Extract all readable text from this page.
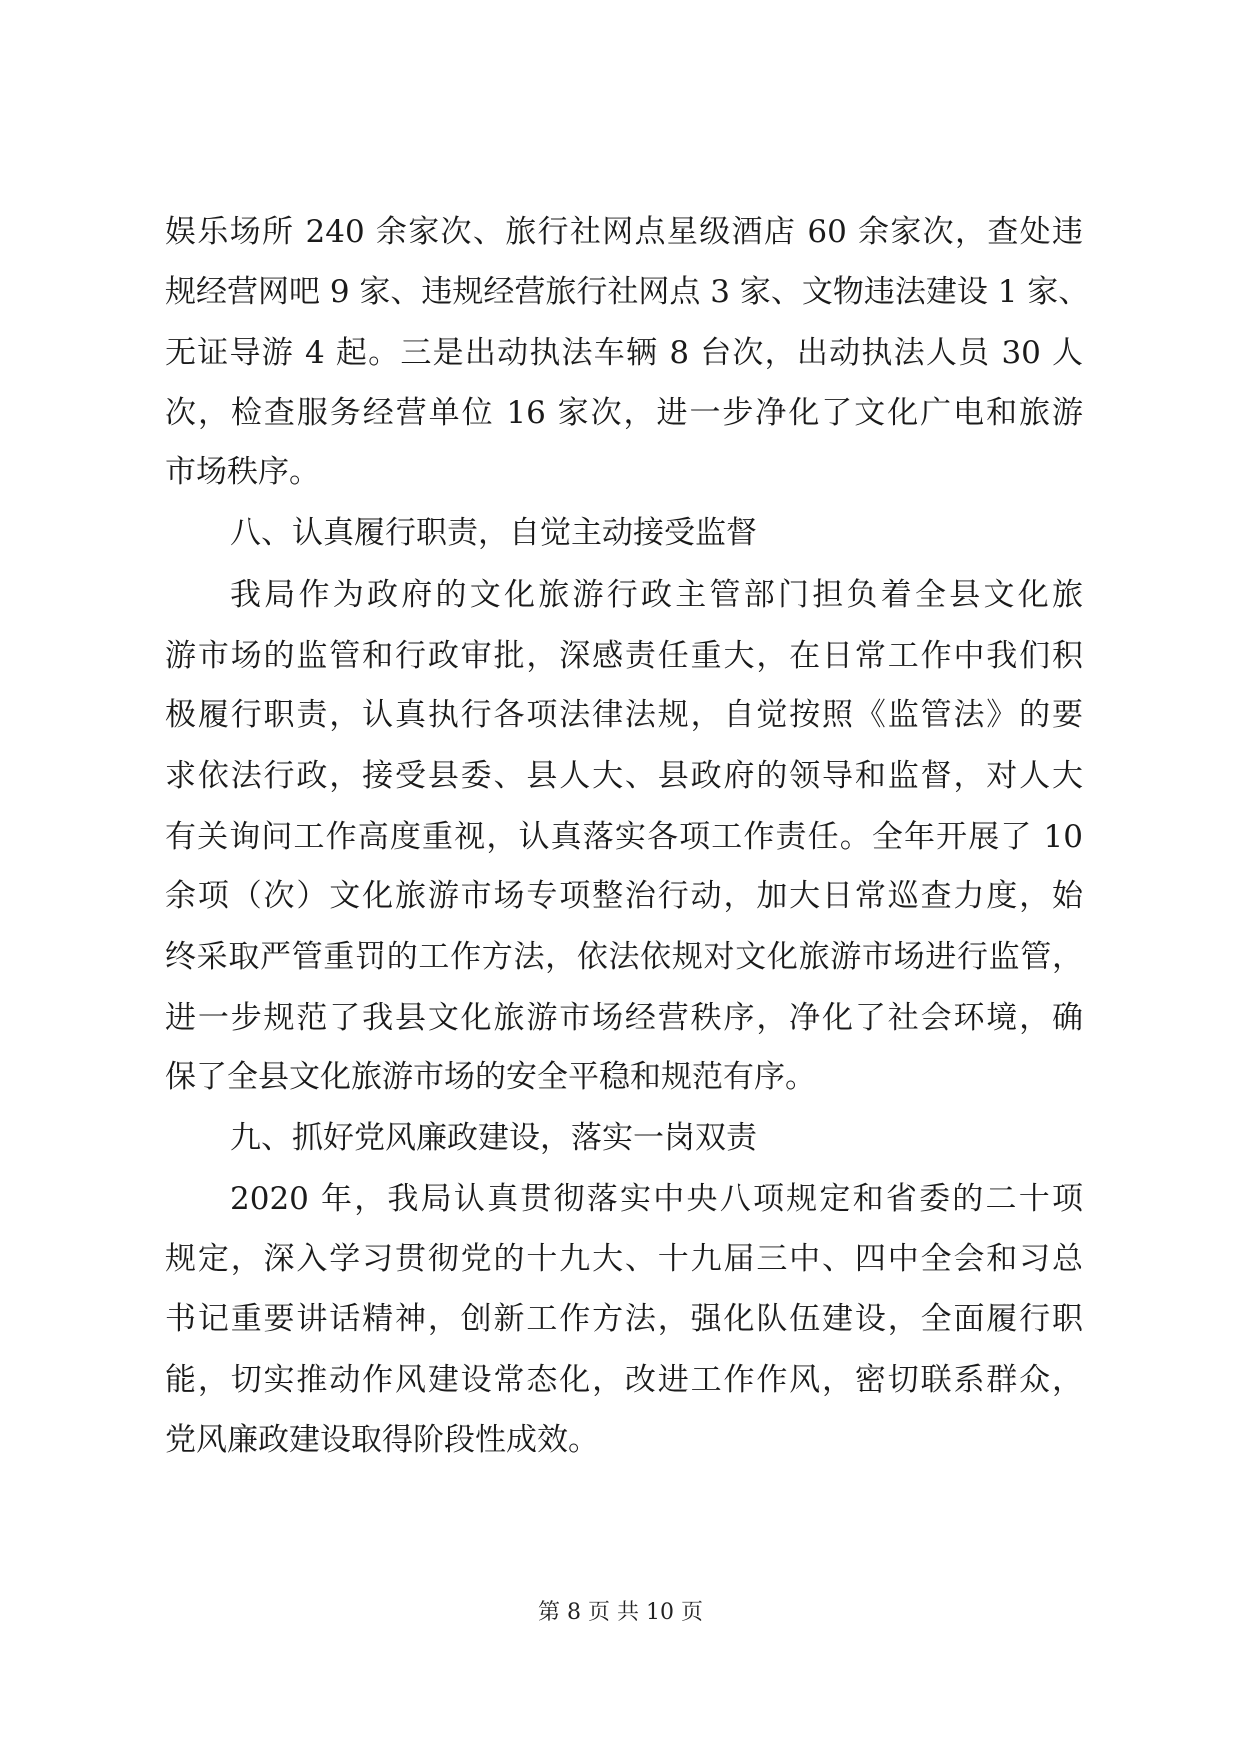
娱乐场所 240 余家次、旅行社网点星级酒店 60 余家次，查处违
规经营网吧 9 家、违规经营旅行社网点 3 家、文物违法建设 1 家、
无证导游 4 起。三是出动执法车辆 8 台次，出动执法人员 30 人
次，检查服务经营单位 16 家次，进一步净化了文化广电和旅游
市场秩序。
八、认真履行职责，自觉主动接受监督
我局作为政府的文化旅游行政主管部门担负着全县文化旅
游市场的监管和行政审批，深感责任重大，在日常工作中我们积
极履行职责，认真执行各项法律法规，自觉按照《监管法》的要
求依法行政，接受县委、县人大、县政府的领导和监督，对人大
有关询问工作高度重视，认真落实各项工作责任。全年开展了 10
余项（次）文化旅游市场专项整治行动，加大日常巡查力度，始
终采取严管重罚的工作方法，依法依规对文化旅游市场进行监管，
进一步规范了我县文化旅游市场经营秩序，净化了社会环境，确
保了全县文化旅游市场的安全平稳和规范有序。
九、抓好党风廉政建设，落实一岗双责
2020 年，我局认真贯彻落实中央八项规定和省委的二十项
规定，深入学习贯彻党的十九大、十九届三中、四中全会和习总
书记重要讲话精神，创新工作方法，强化队伍建设，全面履行职
能，切实推动作风建设常态化，改进工作作风，密切联系群众，
党风廉政建设取得阶段性成效。
第 8 页 共 10 页
